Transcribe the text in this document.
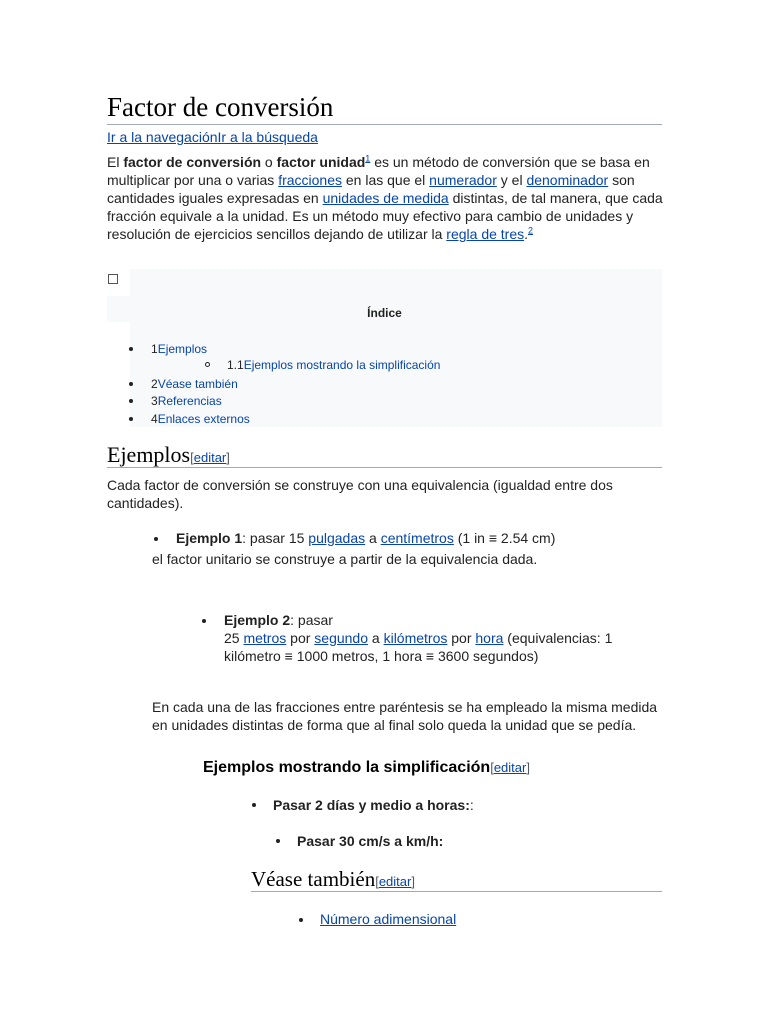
Factor de conversión
Ir a la navegaciónIr a la búsqueda

El factor de conversión o factor unidad$^1$ es un método de conversión que se basa en multiplicar por una o varias fracciones en las que el numerador y el denominador son cantidades iguales expresadas en unidades de medida distintas, de tal manera, que cada fracción equivale a la unidad. Es un método muy efectivo para cambio de unidades y resolución de ejercicios sencillos dejando de utilizar la regla de tres.$^2$

Índice
1Ejemplos
1.1Ejemplos mostrando la simplificación
2Véase también
3Referencias
4Enlaces externos
Ejemplos[editar]

Cada factor de conversión se construye con una equivalencia (igualdad entre dos cantidades).

Ejemplo 1: pasar 15 pulgadas a centímetros (1 in ≡ 2.54 cm)

el factor unitario se construye a partir de la equivalencia dada.

Ejemplo 2: pasar
25 metros por segundo a kilómetros por hora (equivalencias: 1 kilómetro ≡ 1000 metros, 1 hora ≡ 3600 segundos)

En cada una de las fracciones entre paréntesis se ha empleado la misma medida en unidades distintas de forma que al final solo queda la unidad que se pedía.

Ejemplos mostrando la simplificación[editar]

Pasar 2 días y medio a horas::

Pasar 30 cm/s a km/h:

Véase también[editar]

Número adimensional
